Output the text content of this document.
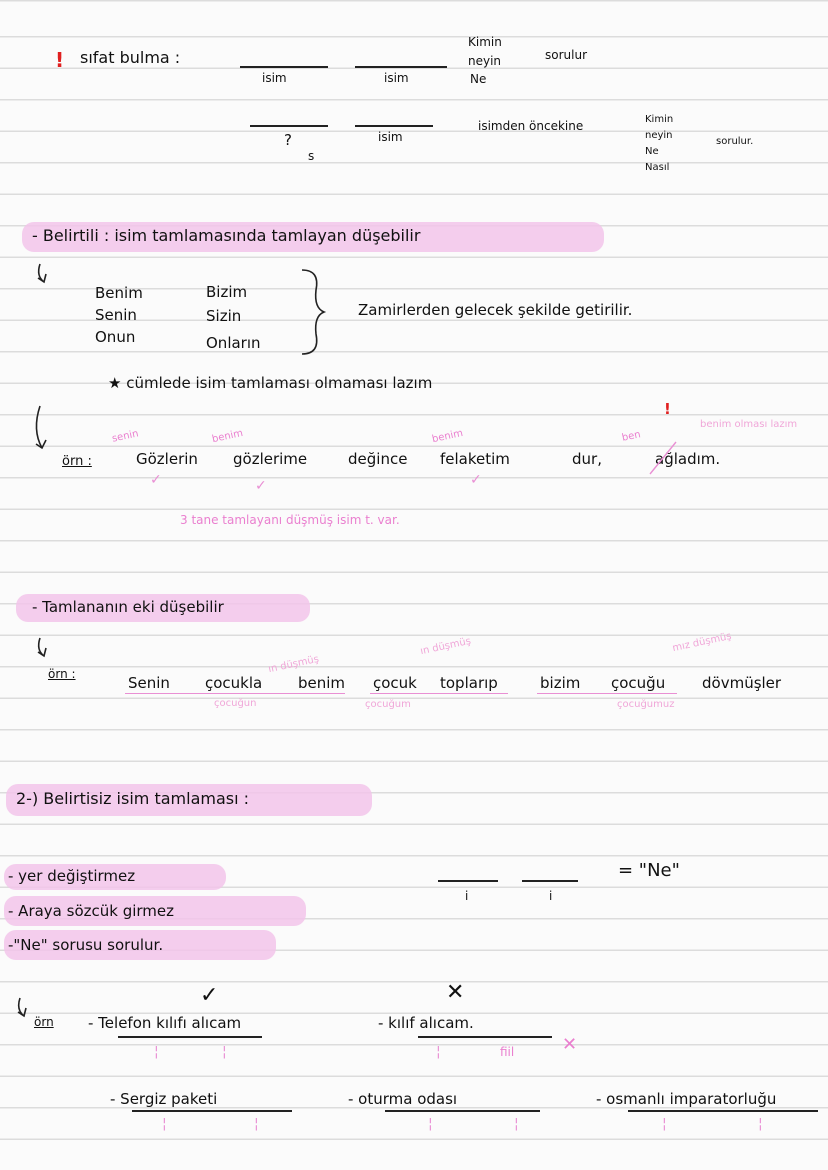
! sıfat bulma :
isim	isim
Kimin
neyin
Ne
sorulur
?
s
isim
isimden öncekine	Kimin
neyin
Ne
Nasıl
sorulur.
- Belirtili : isim tamlamasında tamlayan düşebilir
Benim
Senin
Onun
Bizim
Sizin
Onların
Zamirlerden gelecek şekilde getirilir.
★ cümlede isim tamlaması olmaması lazım
örn :	Gözlerin gözlerime	değince felaketim	dur,	ağladım.
senin	benim	benim	ben
!
benim olması lazım
✓	✓	✓
3 tane tamlayanı düşmüş isim t. var.
- Tamlananın eki düşebilir
örn :	Senin çocukla benim çocuk toplarıp	bizim çocuğu dövmüşler
ın düşmüş
ın düşmüş	mız düşmüş
çocuğun	çocuğum	çocuğumuz
2-) Belirtisiz isim tamlaması :
- yer değiştirmez
- Araya sözcük girmez
-"Ne" sorusu sorulur.
i	i
= "Ne"
örn
✓	✕
- Telefon kılıfı alıcam	- kılıf alıcam.
¦	¦	¦	fiil	✕
- Sergiz paketi	- oturma odası	- osmanlı imparatorluğu
¦	¦	¦	¦	¦	¦
